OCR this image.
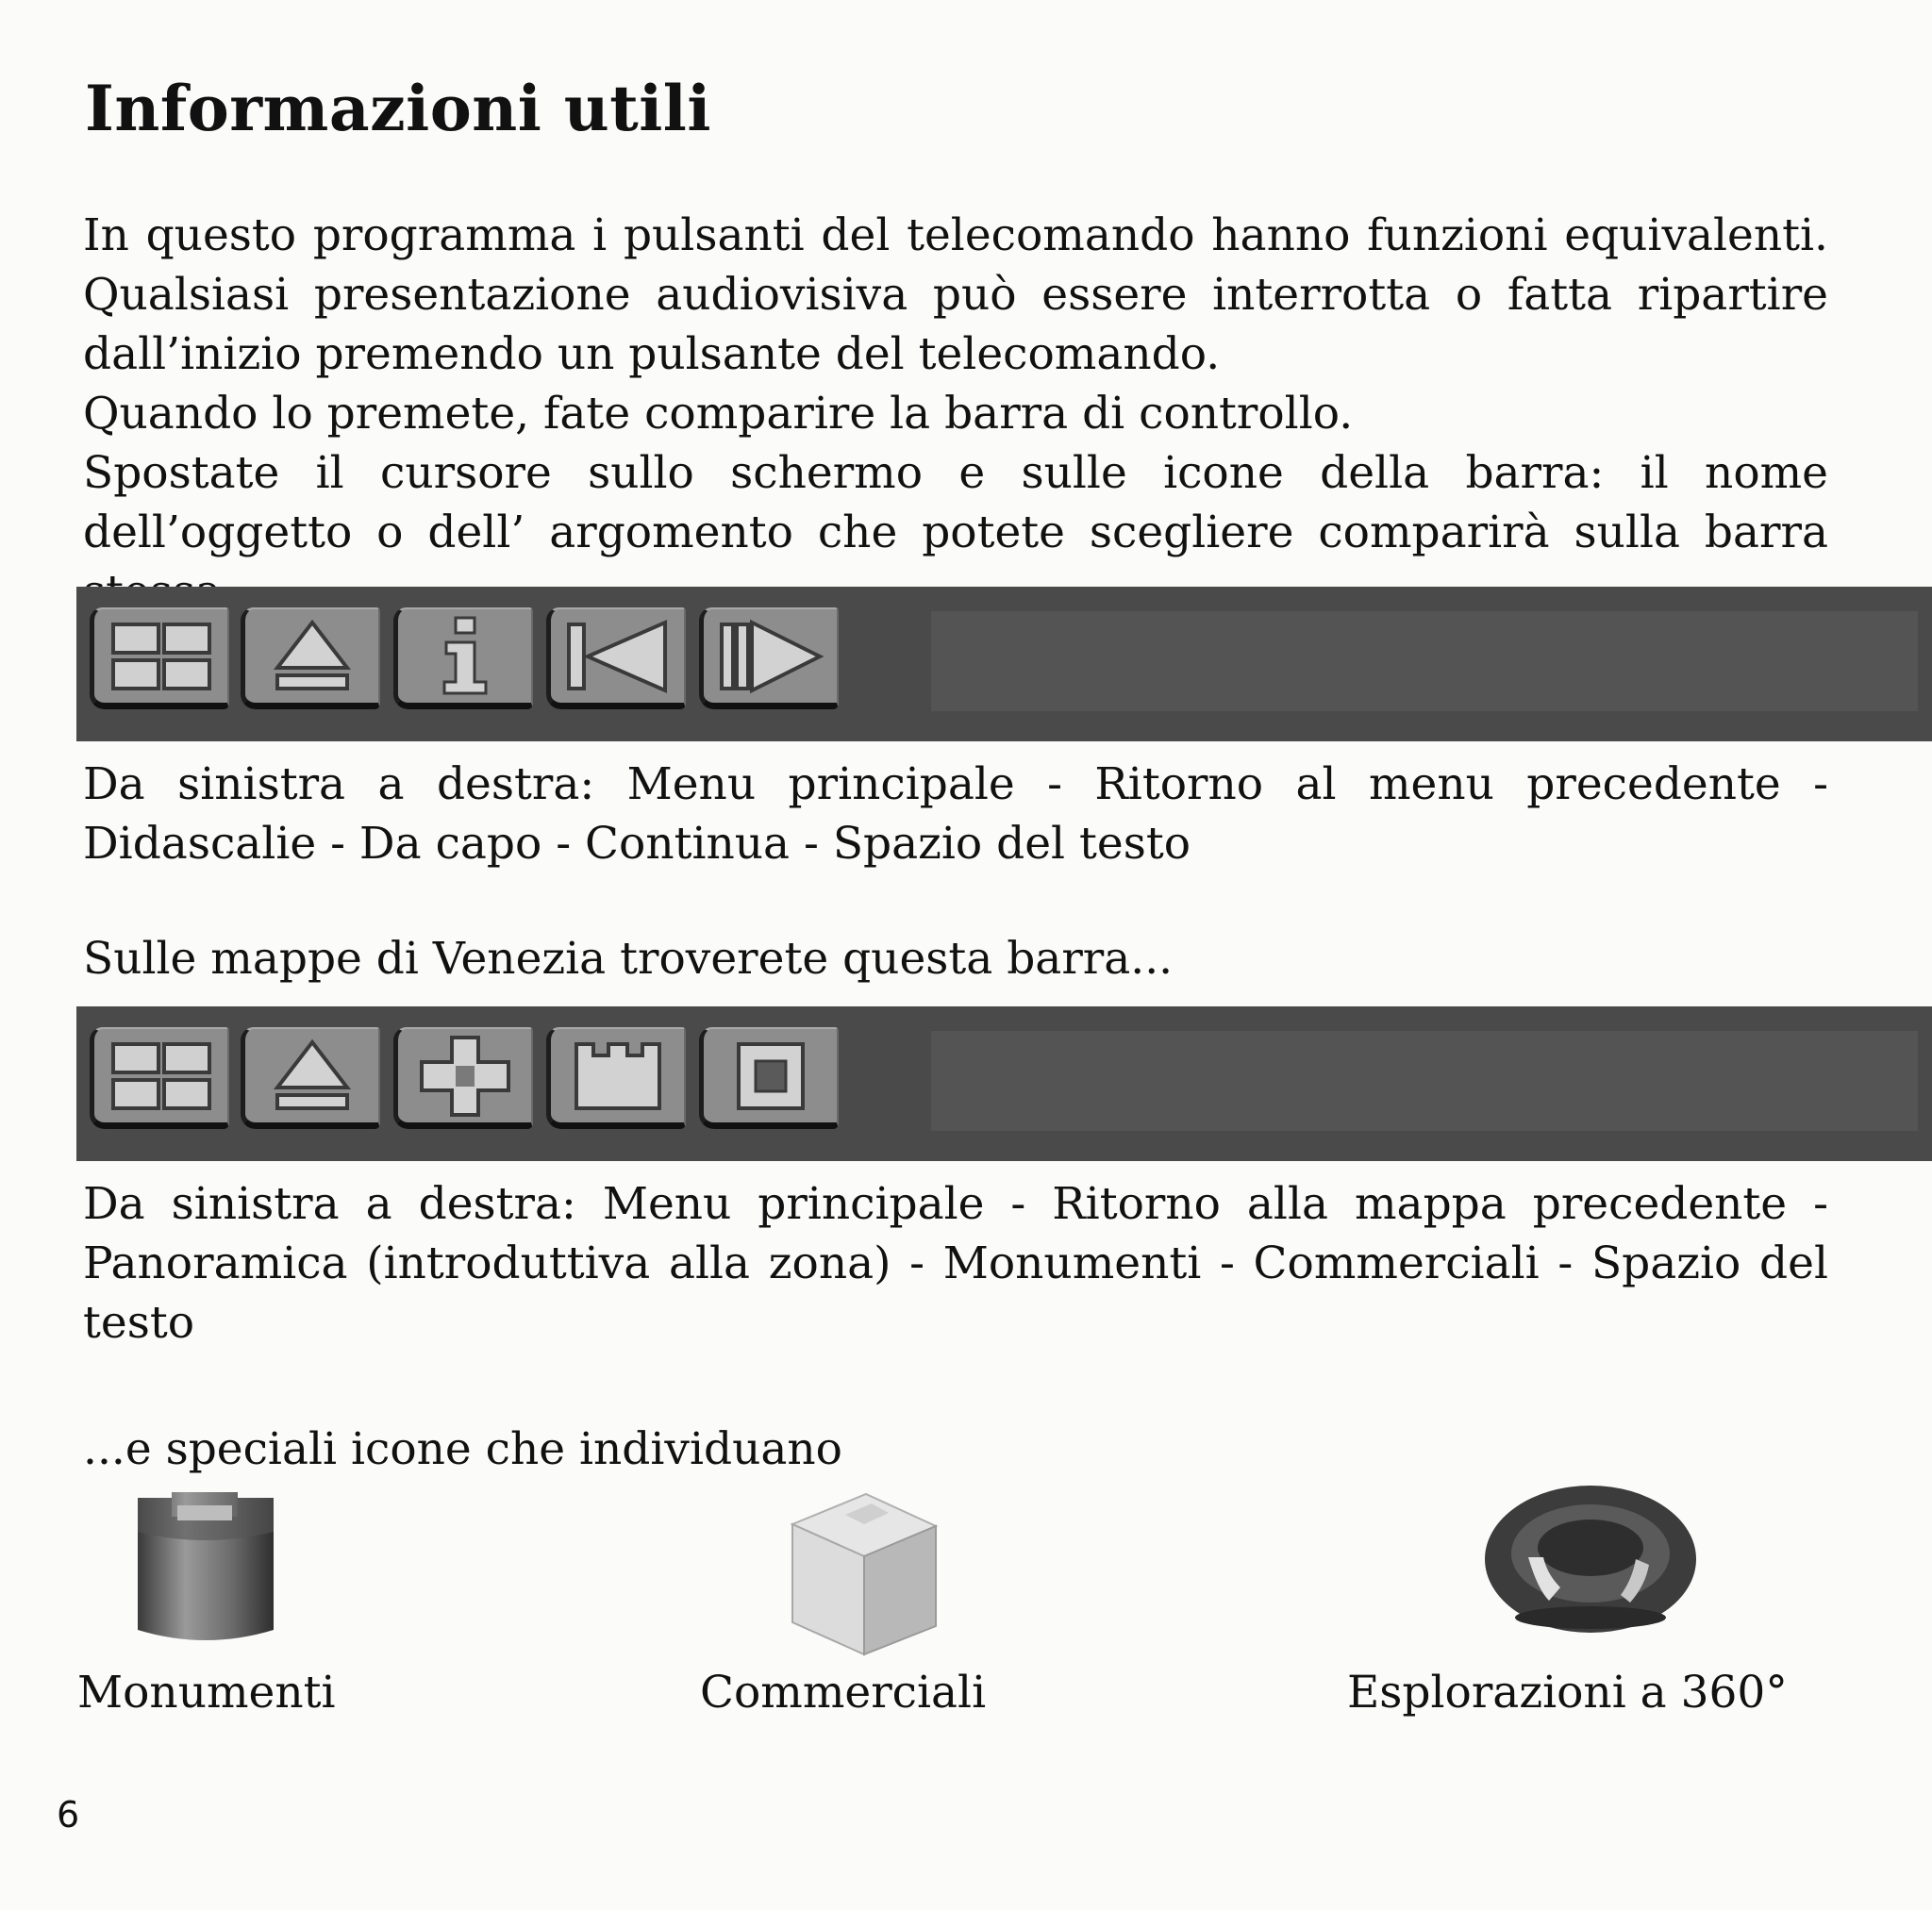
Informazioni utili

In questo programma i pulsanti del telecomando hanno funzioni equivalenti. Qualsiasi presentazione audiovisiva può essere interrotta o fatta ripartire dall’inizio premendo un pulsante del telecomando.

Quando lo premete, fate comparire la barra di controllo.

Spostate il cursore sullo schermo e sulle icone della barra: il nome dell’oggetto o dell’ argomento che potete scegliere comparirà sulla barra

Da sinistra a destra: Menu principale - Ritorno al menu precedente - Didascalie - Da capo - Continua - Spazio del testo

Sulle mappe di Venezia troverete questa barra...

Da sinistra a destra: Menu principale - Ritorno alla mappa precedente - Panoramica (introduttiva alla zona) - Monumenti - Commerciali - Spazio del testo

...e speciali icone che individuano

Monumenti	Commerciali	Esplorazioni a 360°

6
